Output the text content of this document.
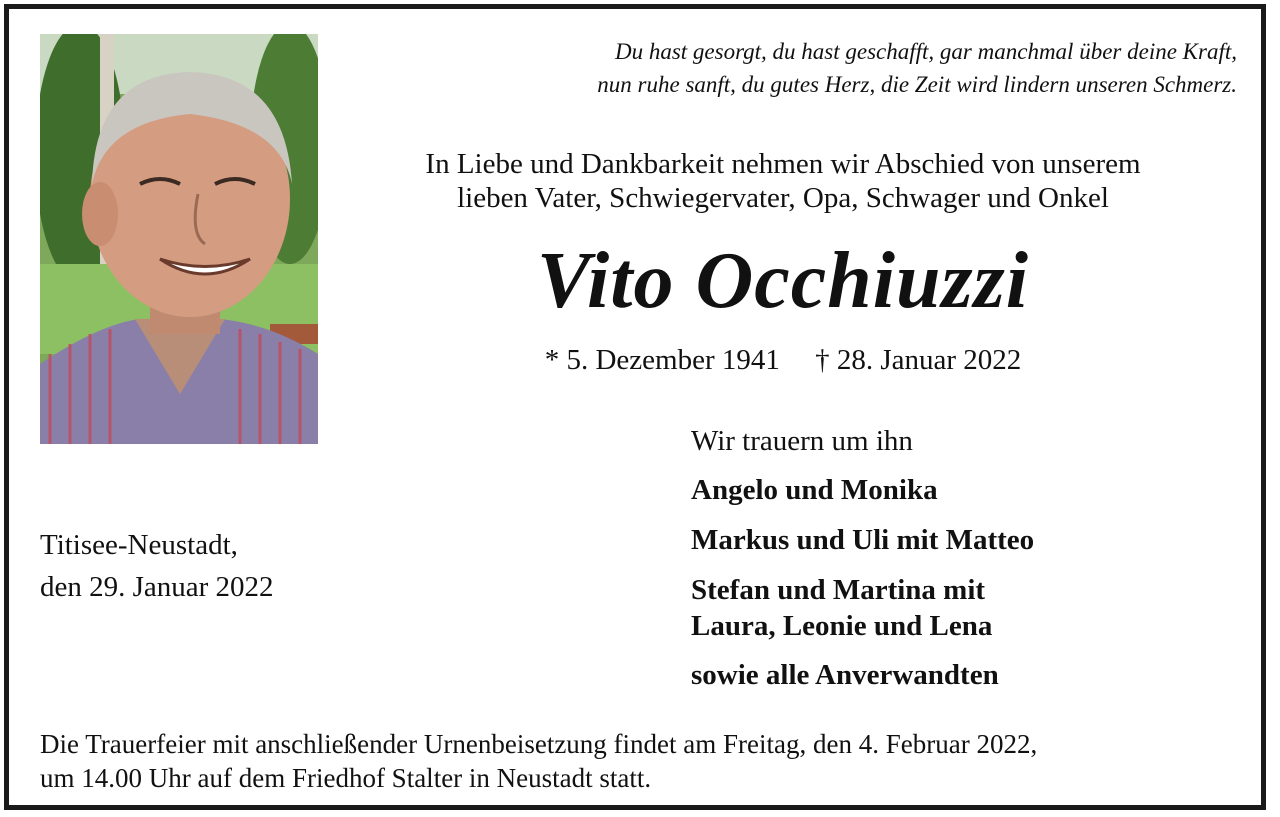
Du hast gesorgt, du hast geschafft, gar manchmal über deine Kraft,
nun ruhe sanft, du gutes Herz, die Zeit wird lindern unseren Schmerz.
In Liebe und Dankbarkeit nehmen wir Abschied von unserem
lieben Vater, Schwiegervater, Opa, Schwager und Onkel
Vito Occhiuzzi
* 5. Dezember 1941 † 28. Januar 2022
Titisee-Neustadt,
den 29. Januar 2022
Wir trauern um ihn
Angelo und Monika
Markus und Uli mit Matteo
Stefan und Martina mit
Laura, Leonie und Lena
sowie alle Anverwandten
Die Trauerfeier mit anschließender Urnenbeisetzung findet am Freitag, den 4. Februar 2022,
um 14.00 Uhr auf dem Friedhof Stalter in Neustadt statt.
